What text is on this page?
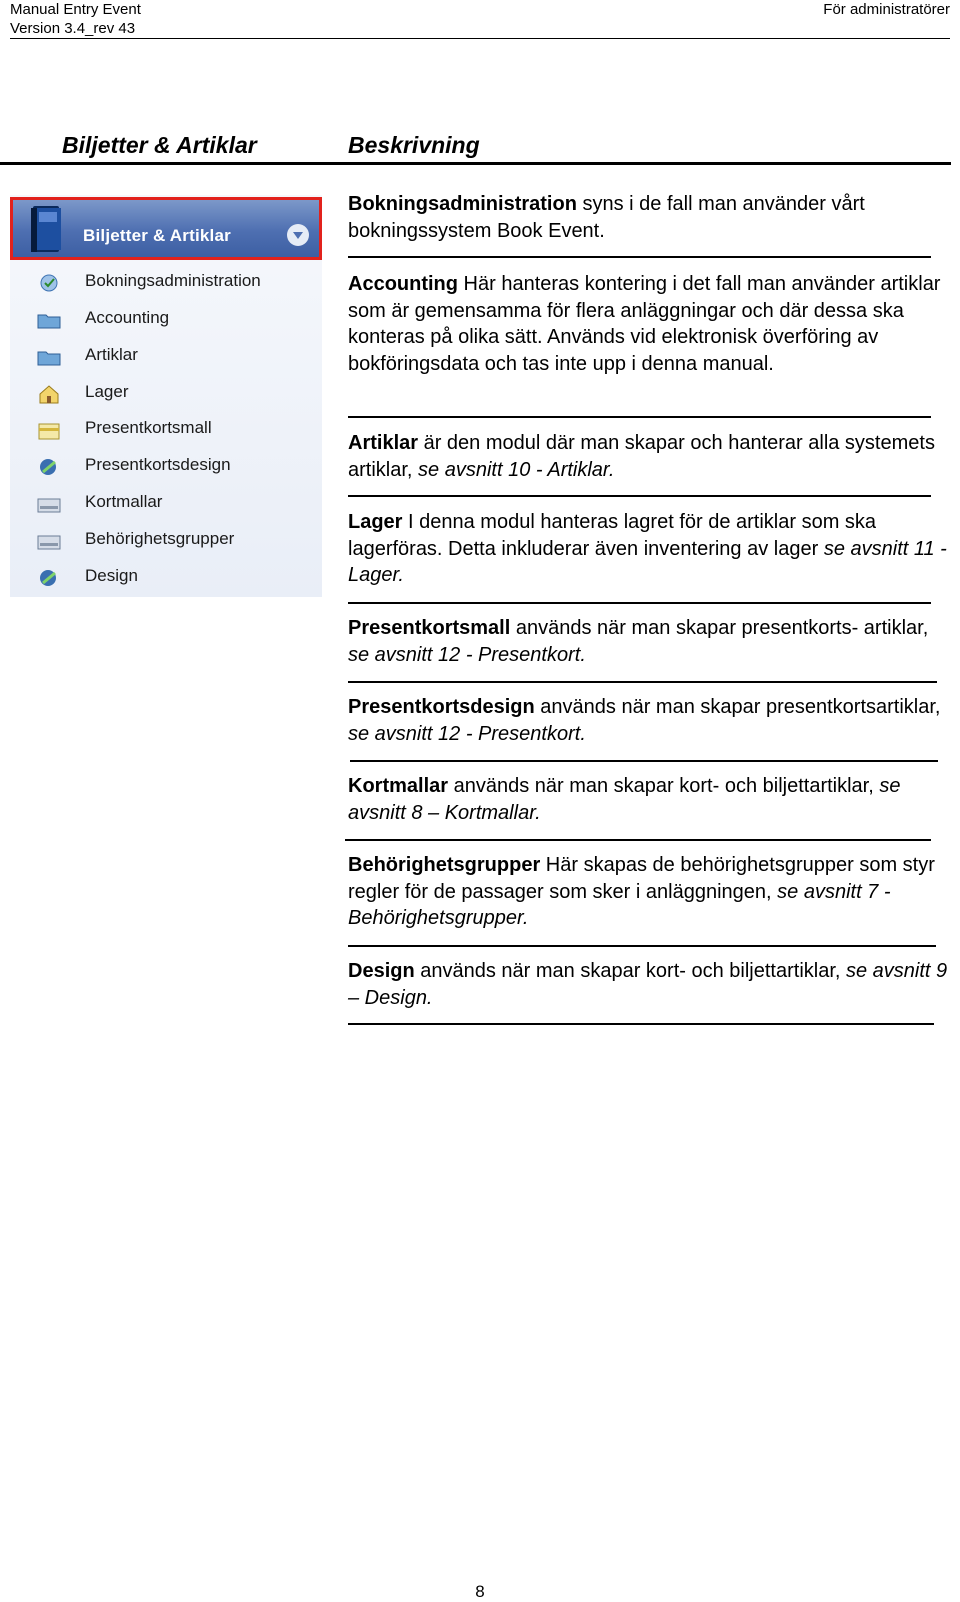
Manual Entry Event
Version 3.4_rev 43
För administratörer
Biljetter & Artiklar	Beskrivning
Biljetter & Artiklar
Bokningsadministration
Accounting
Artiklar
Lager
Presentkortsmall
Presentkortsdesign
Kortmallar
Behörighetsgrupper
Design
Bokningsadministration syns i de fall man använder vårt bokningssystem Book Event.
Accounting Här hanteras kontering i det fall man använder artiklar som är gemensamma för flera anläggningar och där dessa ska konteras på olika sätt. Används vid elektronisk överföring av bokföringsdata och tas inte upp i denna manual.
Artiklar är den modul där man skapar och hanterar alla systemets artiklar, se avsnitt 10 - Artiklar.
Lager I denna modul hanteras lagret för de artiklar som ska lagerföras. Detta inkluderar även inventering av lager se avsnitt 11 - Lager.
Presentkortsmall används när man skapar presentkorts- artiklar, se avsnitt 12 - Presentkort.
Presentkortsdesign används när man skapar presentkortsartiklar, se avsnitt 12 - Presentkort.
Kortmallar används när man skapar kort- och biljettartiklar, se avsnitt 8 – Kortmallar.
Behörighetsgrupper Här skapas de behörighetsgrupper som styr regler för de passager som sker i anläggningen, se avsnitt 7 - Behörighetsgrupper.
Design används när man skapar kort- och biljettartiklar, se avsnitt 9 – Design.
8
